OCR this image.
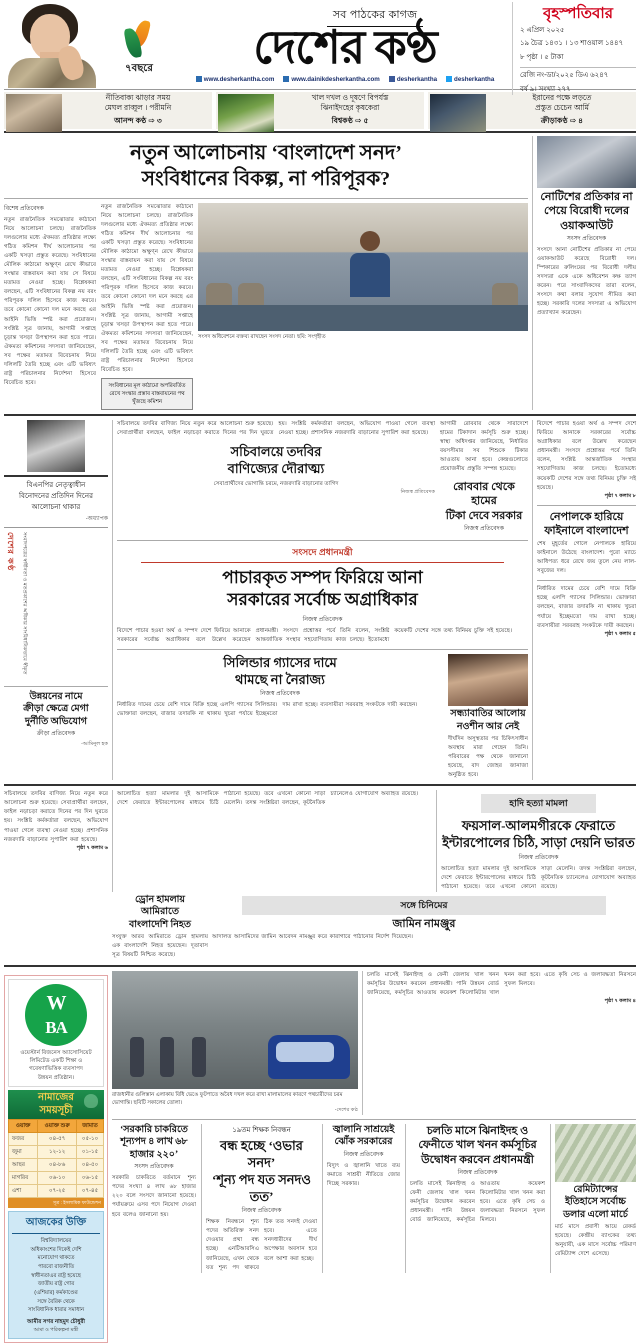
৭বছরে
সব পাঠকের কাগজ
দেশের কণ্ঠ
www.desherkantha.com	www.dainikdesherkantha.com	desherkantha	desherkantha
বৃহস্পতিবার
২ এপ্রিল ২০২৫
১৯ চৈত্র ১৪৩১ । ১৩ শাওয়াল ১৪৪৭
৮ পৃষ্ঠা । ৫ টাকা
রেজি নং-ডা/২০২৫ ডিএ ৬২৪৭
বর্ষ ৯। সংখ্যা ২৭৭
নীতিবাক্য ঝাড়ার সময়
মেঘল রাব্বুল । পরীমনি
আনন্দ কণ্ঠ ⇨ ৩
খাল দখল ও দূষণে বিপর্যস্ত
ঝিনাইদহের কৃষকেরা
বিশ্বকণ্ঠ ⇨ ৫
ইরানের পক্ষে লড়তে
প্রস্তুত চেচেন আর্মি
ক্রীড়াকণ্ঠ ⇨ ৪
নতুন আলোচনায় ‘বাংলাদেশ সনদ’
সংবিধানের বিকল্প, না পরিপূরক?
বিশেষ প্রতিবেদক
নতুন রাজনৈতিক সমঝোতার কাঠামো নিয়ে আলোচনা চলছে। রাজনৈতিক দলগুলোর মধ্যে ঐকমত্য প্রতিষ্ঠার লক্ষ্যে গঠিত কমিশন দীর্ঘ আলোচনার পর একটি খসড়া প্রস্তুত করেছে। সংবিধানের মৌলিক কাঠামো অক্ষুণ্ন রেখে কীভাবে সংস্কার বাস্তবায়ন করা যায় সে বিষয়ে মতামত নেওয়া হচ্ছে। বিশ্লেষকরা বলছেন, এটি সংবিধানের বিকল্প নয় বরং পরিপূরক দলিল হিসেবে কাজ করবে। তবে কোনো কোনো দল মনে করছে এর আইনি ভিত্তি স্পষ্ট করা প্রয়োজন। সংশ্লিষ্ট সূত্র জানায়, আগামী সপ্তাহে চূড়ান্ত খসড়া উপস্থাপন করা হতে পারে। ঐকমত্য কমিশনের সদস্যরা জানিয়েছেন, সব পক্ষের মতামত বিবেচনায় নিয়ে দলিলটি তৈরি হচ্ছে এবং এটি ভবিষ্যৎ রাষ্ট্র পরিচালনার নির্দেশনা হিসেবে বিবেচিত হবে।
নতুন রাজনৈতিক সমঝোতার কাঠামো নিয়ে আলোচনা চলছে। রাজনৈতিক দলগুলোর মধ্যে ঐকমত্য প্রতিষ্ঠার লক্ষ্যে গঠিত কমিশন দীর্ঘ আলোচনার পর একটি খসড়া প্রস্তুত করেছে। সংবিধানের মৌলিক কাঠামো অক্ষুণ্ন রেখে কীভাবে সংস্কার বাস্তবায়ন করা যায় সে বিষয়ে মতামত নেওয়া হচ্ছে। বিশ্লেষকরা বলছেন, এটি সংবিধানের বিকল্প নয় বরং পরিপূরক দলিল হিসেবে কাজ করবে। তবে কোনো কোনো দল মনে করছে এর আইনি ভিত্তি স্পষ্ট করা প্রয়োজন। সংশ্লিষ্ট সূত্র জানায়, আগামী সপ্তাহে চূড়ান্ত খসড়া উপস্থাপন করা হতে পারে। ঐকমত্য কমিশনের সদস্যরা জানিয়েছেন, সব পক্ষের মতামত বিবেচনায় নিয়ে দলিলটি তৈরি হচ্ছে এবং এটি ভবিষ্যৎ রাষ্ট্র পরিচালনার নির্দেশনা হিসেবে বিবেচিত হবে।
সংবিধানের মূল কাঠামো অপরিবর্তিত রেখে সংস্কার প্রস্তাব বাস্তবায়নের পথ খুঁজছে কমিশন
সংসদ অধিবেশনে বক্তব্য রাখছেন সংসদ নেতা। ছবি: সংগৃহীত
নোটিশের প্রতিকার না পেয়ে বিরোধী দলের ওয়াকআউট
সংসদ প্রতিবেদক
সংসদে আনা নোটিশের প্রতিকার না পেয়ে ওয়াকআউট করেছে বিরোধী দল। স্পিকারের রুলিংয়ের পর বিরোধী দলীয় সদস্যরা একে একে অধিবেশন কক্ষ ত্যাগ করেন। পরে সাংবাদিকদের তারা বলেন, সংসদে কথা বলার সুযোগ সীমিত করা হচ্ছে। সরকারি দলের সদস্যরা এ অভিযোগ প্রত্যাখ্যান করেছেন।
বিএনপির নেতৃত্বাধীন
বিনোদনের প্রতিদিন দিনের
আলোচনা থাকার
-অধ্যাপক
দেশের কণ্ঠ	সংবাদপত্রের স্বাধীনতা ও মতপ্রকাশের অধিকার সাংবিধানিকভাবে স্বীকৃত
উন্নয়নের নামে
ক্রীড়া ক্ষেত্রে মেগা
দুর্নীতি অভিযোগ
ক্রীড়া প্রতিবেদক
-আমিনুল হক
সচিবালয়ে তদবির বাণিজ্য নিয়ে নতুন করে আলোচনা শুরু হয়েছে। সেবাপ্রার্থীরা বলছেন, ফাইল নড়াচড়া করাতে দিনের পর দিন ঘুরতে হয়। সংশ্লিষ্ট কর্মকর্তারা বলছেন, অভিযোগ পাওয়া গেলে ব্যবস্থা নেওয়া হচ্ছে। প্রশাসনিক নজরদারি বাড়ানোর সুপারিশ করা হয়েছে।
সচিবালয়ে তদবির
বাণিজ্যের দৌরাত্ম্য
সেবাপ্রার্থীদের ভোগান্তি চরমে, নজরদারি বাড়ানোর তাগিদ
নিজস্ব প্রতিবেদক
আগামী রোববার থেকে সারাদেশে হামের টিকাদান কর্মসূচি শুরু হচ্ছে। স্বাস্থ্য অধিদপ্তর জানিয়েছে, নির্ধারিত বয়সসীমার সব শিশুকে টিকার আওতায় আনা হবে। কেন্দ্রগুলোতে প্রয়োজনীয় প্রস্তুতি সম্পন্ন হয়েছে।
রোববার থেকে হামের
টিকা দেবে সরকার
নিজস্ব প্রতিবেদক
সংসদে প্রধানমন্ত্রী
পাচারকৃত সম্পদ ফিরিয়ে আনা
সরকারের সর্বোচ্চ অগ্রাধিকার
নিজস্ব প্রতিবেদক
বিদেশে পাচার হওয়া অর্থ ও সম্পদ দেশে ফিরিয়ে আনাকে সরকারের সর্বোচ্চ অগ্রাধিকার বলে উল্লেখ করেছেন প্রধানমন্ত্রী। সংসদে প্রশ্নোত্তর পর্বে তিনি বলেন, সংশ্লিষ্ট আন্তর্জাতিক সংস্থার সহযোগিতায় কাজ চলছে। ইতোমধ্যে কয়েকটি দেশের সঙ্গে তথ্য বিনিময় চুক্তি সই হয়েছে।
সিলিন্ডার গ্যাসের দামে
থামছে না নৈরাজ্য
নিজস্ব প্রতিবেদক
নির্ধারিত দামের চেয়ে বেশি দামে বিক্রি হচ্ছে এলপি গ্যাসের সিলিন্ডার। ভোক্তারা বলছেন, বাজার তদারকি না থাকায় খুচরা পর্যায়ে ইচ্ছেমতো দাম রাখা হচ্ছে। ব্যবসায়ীরা সরবরাহ সংকটকে দায়ী করছেন।
সন্ধ্যাবাতির আলোয়
নওশীন আর নেই
দীর্ঘদিন অসুস্থতার পর চিকিৎসাধীন অবস্থায় মারা গেছেন তিনি। পরিবারের পক্ষ থেকে জানানো হয়েছে, বাদ জোহর জানাজা অনুষ্ঠিত হবে।
বিদেশে পাচার হওয়া অর্থ ও সম্পদ দেশে ফিরিয়ে আনাকে সরকারের সর্বোচ্চ অগ্রাধিকার বলে উল্লেখ করেছেন প্রধানমন্ত্রী। সংসদে প্রশ্নোত্তর পর্বে তিনি বলেন, সংশ্লিষ্ট আন্তর্জাতিক সংস্থার সহযোগিতায় কাজ চলছে। ইতোমধ্যে কয়েকটি দেশের সঙ্গে তথ্য বিনিময় চুক্তি সই হয়েছে।
পৃষ্ঠা ৭ কলাম ৮
নেপালকে হারিয়ে
ফাইনালে বাংলাদেশ
শেষ মুহূর্তের গোলে নেপালকে হারিয়ে ফাইনালে উঠেছে বাংলাদেশ। পুরো ম্যাচে আধিপত্য ধরে রেখে জয় তুলে নেয় লাল-সবুজের দল।
নির্ধারিত দামের চেয়ে বেশি দামে বিক্রি হচ্ছে এলপি গ্যাসের সিলিন্ডার। ভোক্তারা বলছেন, বাজার তদারকি না থাকায় খুচরা পর্যায়ে ইচ্ছেমতো দাম রাখা হচ্ছে। ব্যবসায়ীরা সরবরাহ সংকটকে দায়ী করছেন।
পৃষ্ঠা ৭ কলাম ৫
সচিবালয়ে তদবির বাণিজ্য নিয়ে নতুন করে আলোচনা শুরু হয়েছে। সেবাপ্রার্থীরা বলছেন, ফাইল নড়াচড়া করাতে দিনের পর দিন ঘুরতে হয়। সংশ্লিষ্ট কর্মকর্তারা বলছেন, অভিযোগ পাওয়া গেলে ব্যবস্থা নেওয়া হচ্ছে। প্রশাসনিক নজরদারি বাড়ানোর সুপারিশ করা হয়েছে।
পৃষ্ঠা ৭ কলাম ৬
আলোচিত হত্যা মামলার দুই আসামিকে দেশে ফেরাতে ইন্টারপোলের মাধ্যমে চিঠি পাঠানো হয়েছে। তবে এখনো কোনো সাড়া মেলেনি। তদন্ত সংশ্লিষ্টরা বলছেন, কূটনৈতিক চ্যানেলেও যোগাযোগ অব্যাহত রয়েছে।
হাদি হত্যা মামলা
ফয়সাল-আলমগীরকে ফেরাতে
ইন্টারপোলের চিঠি, সাড়া দেয়নি ভারত
নিজস্ব প্রতিবেদক
আলোচিত হত্যা মামলার দুই আসামিকে দেশে ফেরাতে ইন্টারপোলের মাধ্যমে চিঠি পাঠানো হয়েছে। তবে এখনো কোনো সাড়া মেলেনি। তদন্ত সংশ্লিষ্টরা বলছেন, কূটনৈতিক চ্যানেলেও যোগাযোগ অব্যাহত রয়েছে।
ড্রোন হামলায়
আমিরাতে
বাংলাদেশি নিহত
সংযুক্ত আরব আমিরাতে ড্রোন হামলায় এক বাংলাদেশি নিহত হয়েছেন। দূতাবাস সূত্র বিষয়টি নিশ্চিত করেছে।
সঙ্গে চিনিমের
জামিন নামঞ্জুর
আদালত আসামিদের জামিন আবেদন নামঞ্জুর করে কারাগারে পাঠানোর নির্দেশ দিয়েছেন।
W
BA
ওয়েস্টার্ন বিজনেস অ্যাসোসিয়েট
লিমিটেড একটি শিক্ষা ও
গবেষণাভিত্তিক ব্যবসাপদ
উন্নয়ন প্রতিষ্ঠান।
নামাজের
সময়সূচী
ওয়াক্ত	ওয়াক্ত শুরু	জামাত
ফজর	০৪-৫৭	০৫-১০
জুমা	১২-১২	০১-১৫
আছর	০৪-৮৬	০৪-৫০
মাগরিব	০৬-১০	০৬-১৫
এশা	০৭-২৫	০৭-৪৫
সূত্র : ইসলামিক ফাউন্ডেশন
আজকের উক্তি
বিশ্ববিদ্যালয়ের
অধিকাংশের দিকেই দেশি
মনোযোগ থাকতে
পারবো রাজনীতি
স্বাধীনতাএর রাষ্ট্র হয়েছে
জাতীয় রাষ্ট্র গোর
(এশিয়ার) কর্মকাণ্ডের
সঙ্গে বৈরিক থেকে
সাংবিধানিক ধারার সমাধান
আমীর সগর নাহমুদ চৌধুরী
আমা ও পরিকল্পনা মন্ত্রী
রাজধানীর গুলিস্তান এলাকায় বিধি ভেঙে ফুটপাতে অবৈধ দখল করে রাখা মালামালের কারণে পথচারীদের চরম ভোগান্তি। ছবিটি সকালের তোলা।
-দেশের কণ্ঠ
চলতি মাসেই ঝিনাইদহ ও ফেনী জেলায় খাল খনন কর্মসূচির উদ্বোধন করবেন প্রধানমন্ত্রী। পানি উন্নয়ন বোর্ড জানিয়েছে, কর্মসূচির আওতায় কয়েকশ কিলোমিটার খাল খনন করা হবে। এতে কৃষি সেচ ও জলাবদ্ধতা নিরসনে সুফল মিলবে।
পৃষ্ঠা ৭ কলাম ৪
‘সরকারি চাকরিতে
শূন্যপদ ৪ লাখ ৬৮
হাজার ২২০’
সংসদ প্রতিবেদক
সরকারি চাকরিতে বর্তমানে শূন্য পদের সংখ্যা ৪ লাখ ৬৮ হাজার ২২০ বলে সংসদে জানানো হয়েছে। পর্যায়ক্রমে এসব পদে নিয়োগ দেওয়া হবে বলেও জানানো হয়।
১৯তম শিক্ষক নিবন্ধন
বন্ধ হচ্ছে ‘ওভার সনদ’
‘শূন্য পদ যত সনদও তত’
নিজস্ব প্রতিবেদক
শিক্ষক নিবন্ধনে শূন্য পদের অতিরিক্ত সনদ দেওয়ার প্রথা বন্ধ হচ্ছে। এনটিআরসিএ জানিয়েছে, এখন থেকে যত শূন্য পদ থাকবে ঠিক তত সনদই দেওয়া হবে। এতে সনদধারীদের দীর্ঘ অপেক্ষার অবসান হবে বলে আশা করা হচ্ছে।
জ্বালানি সাশ্রয়েই
ঝোঁক সরকারের
নিজস্ব প্রতিবেদক
বিদ্যুৎ ও জ্বালানি খাতে ব্যয় কমাতে সাশ্রয়ী নীতিতে জোর দিচ্ছে সরকার।
চলতি মাসে ঝিনাইদহ ও
ফেনীতে খাল খনন কর্মসূচির
উদ্বোধন করবেন প্রধানমন্ত্রী
নিজস্ব প্রতিবেদক
চলতি মাসেই ঝিনাইদহ ও ফেনী জেলায় খাল খনন কর্মসূচির উদ্বোধন করবেন প্রধানমন্ত্রী। পানি উন্নয়ন বোর্ড জানিয়েছে, কর্মসূচির আওতায় কয়েকশ কিলোমিটার খাল খনন করা হবে। এতে কৃষি সেচ ও জলাবদ্ধতা নিরসনে সুফল মিলবে।
রেমিট্যান্সের
ইতিহাসে সর্বোচ্চ
ডলার এলো মার্চে
মার্চ মাসে প্রবাসী আয়ে রেকর্ড হয়েছে। কেন্দ্রীয় ব্যাংকের তথ্য অনুযায়ী, এক মাসে সর্বোচ্চ পরিমাণ রেমিট্যান্স দেশে এসেছে।
